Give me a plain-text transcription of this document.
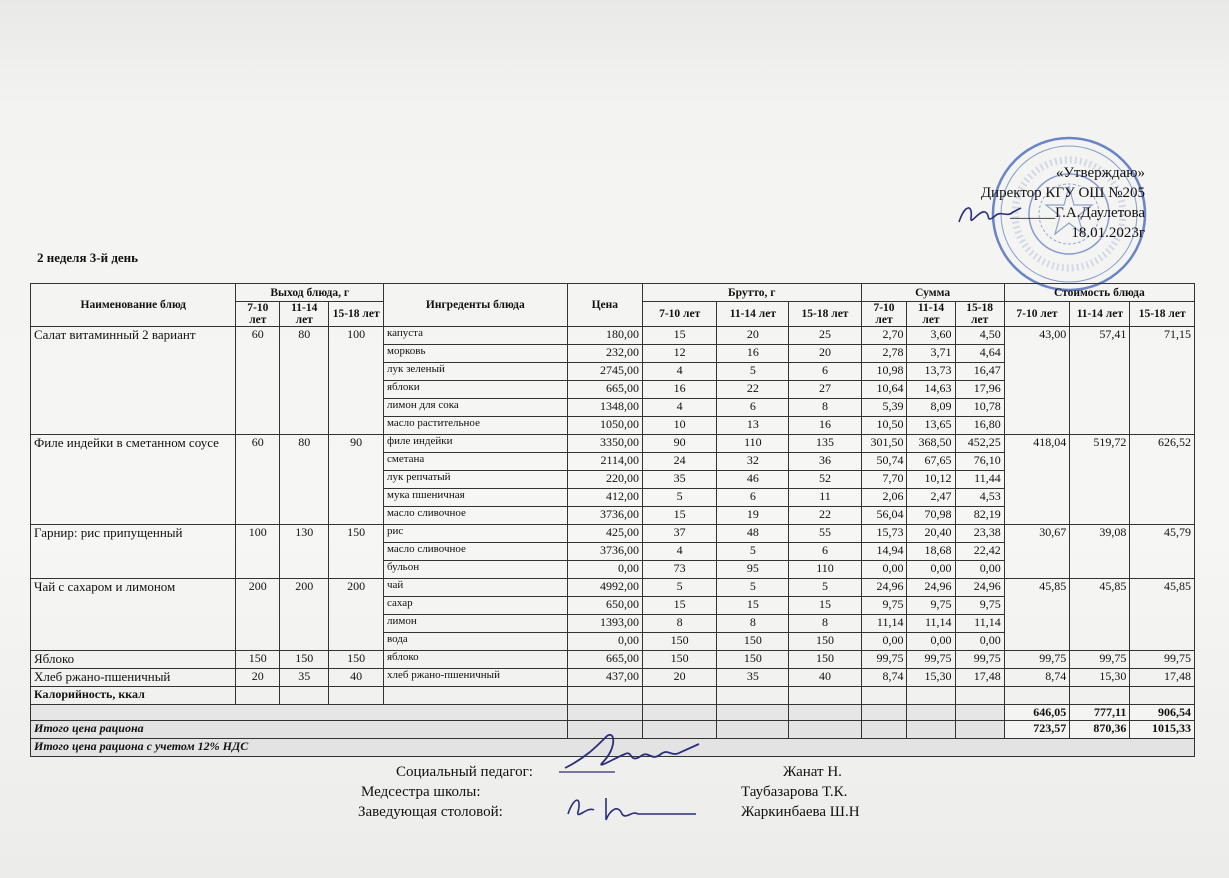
«Утверждаю»
Директор КГУ ОШ №205
______Г.А.Даулетова
18.01.2023г
2 неделя 3-й день
Наименование блюд	Выход блюда, г			Ингреденты блюда	Цена	Брутто, г			Сумма			Стоимость блюда		
	7-10 лет	11-14 лет	15-18 лет			7-10 лет	11-14 лет	15-18 лет	7-10 лет	11-14 лет	15-18 лет	7-10 лет	11-14 лет	15-18 лет
Салат витаминный 2 вариант	60	80	100	капуста	180,00	15	20	25	2,70	3,60	4,50	43,00	57,41	71,15
				морковь	232,00	12	16	20	2,78	3,71	4,64			
				лук зеленый	2745,00	4	5	6	10,98	13,73	16,47			
				яблоки	665,00	16	22	27	10,64	14,63	17,96			
				лимон для сока	1348,00	4	6	8	5,39	8,09	10,78			
				масло растительное	1050,00	10	13	16	10,50	13,65	16,80			
Филе индейки в сметанном соусе	60	80	90	филе индейки	3350,00	90	110	135	301,50	368,50	452,25	418,04	519,72	626,52
				сметана	2114,00	24	32	36	50,74	67,65	76,10			
				лук репчатый	220,00	35	46	52	7,70	10,12	11,44			
				мука пшеничная	412,00	5	6	11	2,06	2,47	4,53			
				масло сливочное	3736,00	15	19	22	56,04	70,98	82,19			
Гарнир: рис припущенный	100	130	150	рис	425,00	37	48	55	15,73	20,40	23,38	30,67	39,08	45,79
				масло сливочное	3736,00	4	5	6	14,94	18,68	22,42			
				бульон	0,00	73	95	110	0,00	0,00	0,00			
Чай с сахаром и лимоном	200	200	200	чай	4992,00	5	5	5	24,96	24,96	24,96	45,85	45,85	45,85
				сахар	650,00	15	15	15	9,75	9,75	9,75			
				лимон	1393,00	8	8	8	11,14	11,14	11,14			
				вода	0,00	150	150	150	0,00	0,00	0,00			
Яблоко	150	150	150	яблоко	665,00	150	150	150	99,75	99,75	99,75	99,75	99,75	99,75
Хлеб ржано-пшеничный	20	35	40	хлеб ржано-пшеничный	437,00	20	35	40	8,74	15,30	17,48	8,74	15,30	17,48
Калорийность, ккал														
												646,05	777,11	906,54
Итого цена рациона												723,57	870,36	1015,33
Итого цена рациона с учетом 12% НДС														
Социальный педагог:	Жанат Н.
Медсестра школы:	Таубазарова Т.К.
Заведующая столовой:	Жаркинбаева Ш.Н
